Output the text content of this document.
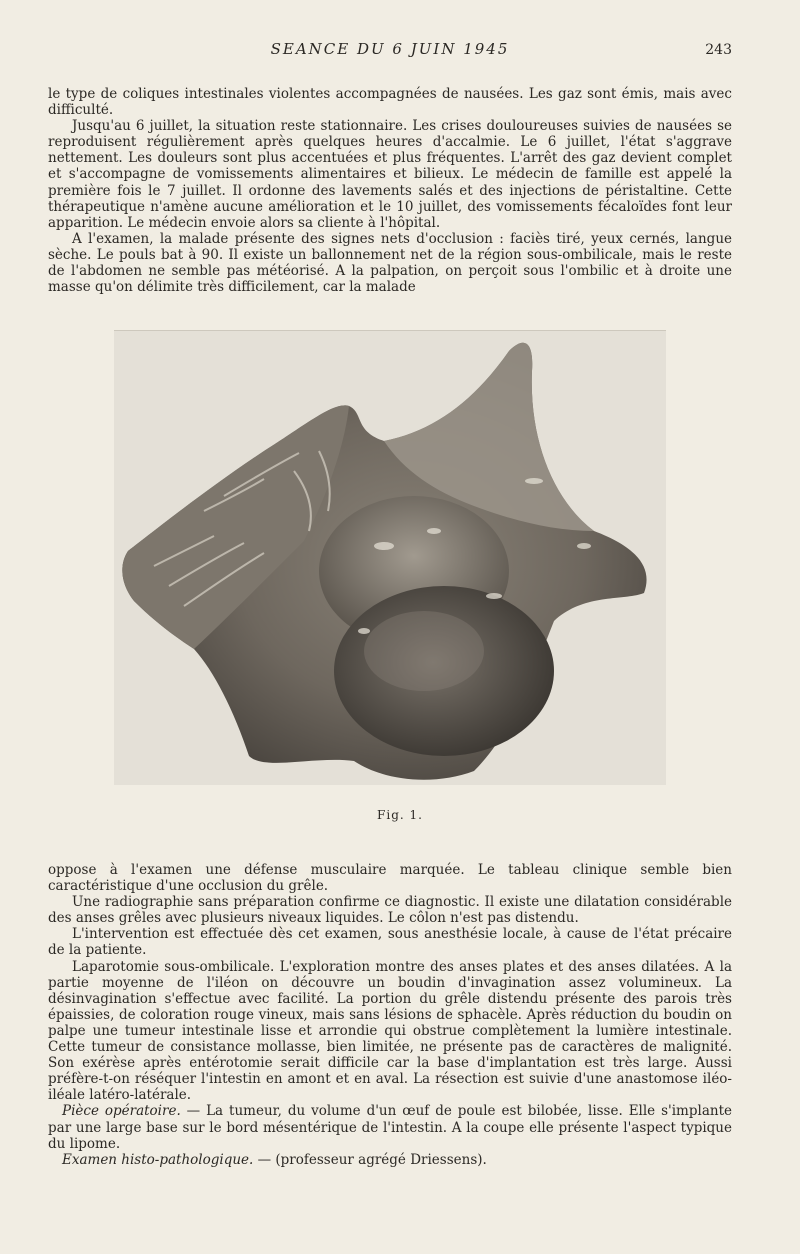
SEANCE DU 6 JUIN 1945	243

le type de coliques intestinales violentes accompagnées de nausées. Les gaz sont émis, mais avec difficulté.

Jusqu'au 6 juillet, la situation reste stationnaire. Les crises douloureuses suivies de nausées se reproduisent régulièrement après quelques heures d'accalmie. Le 6 juillet, l'état s'aggrave nettement. Les douleurs sont plus accentuées et plus fréquentes. L'arrêt des gaz devient complet et s'accompagne de vomissements alimentaires et bilieux. Le médecin de famille est appelé la première fois le 7 juillet. Il ordonne des lavements salés et des injections de péristaltine. Cette thérapeutique n'amène aucune amélioration et le 10 juillet, des vomissements fécaloïdes font leur apparition. Le médecin envoie alors sa cliente à l'hôpital.

A l'examen, la malade présente des signes nets d'occlusion : faciès tiré, yeux cernés, langue sèche. Le pouls bat à 90. Il existe un ballonnement net de la région sous-ombilicale, mais le reste de l'abdomen ne semble pas météorisé. A la palpation, on perçoit sous l'ombilic et à droite une masse qu'on délimite très difficilement, car la malade

Fig. 1.

oppose à l'examen une défense musculaire marquée. Le tableau clinique semble bien caractéristique d'une occlusion du grêle.

Une radiographie sans préparation confirme ce diagnostic. Il existe une dilatation considérable des anses grêles avec plusieurs niveaux liquides. Le côlon n'est pas distendu.

L'intervention est effectuée dès cet examen, sous anesthésie locale, à cause de l'état précaire de la patiente.

Laparotomie sous-ombilicale. L'exploration montre des anses plates et des anses dilatées. A la partie moyenne de l'iléon on découvre un boudin d'invagination assez volumineux. La désinvagination s'effectue avec facilité. La portion du grêle distendu présente des parois très épaissies, de coloration rouge vineux, mais sans lésions de sphacèle. Après réduction du boudin on palpe une tumeur intestinale lisse et arrondie qui obstrue complètement la lumière intestinale. Cette tumeur de consistance mollasse, bien limitée, ne présente pas de caractères de malignité. Son exérèse après entérotomie serait difficile car la base d'implantation est très large. Aussi préfère-t-on réséquer l'intestin en amont et en aval. La résection est suivie d'une anastomose iléo-iléale latéro-latérale.

Pièce opératoire. — La tumeur, du volume d'un œuf de poule est bilobée, lisse. Elle s'implante par une large base sur le bord mésentérique de l'intestin. A la coupe elle présente l'aspect typique du lipome.

Examen histo-pathologique. — (professeur agrégé Driessens).
